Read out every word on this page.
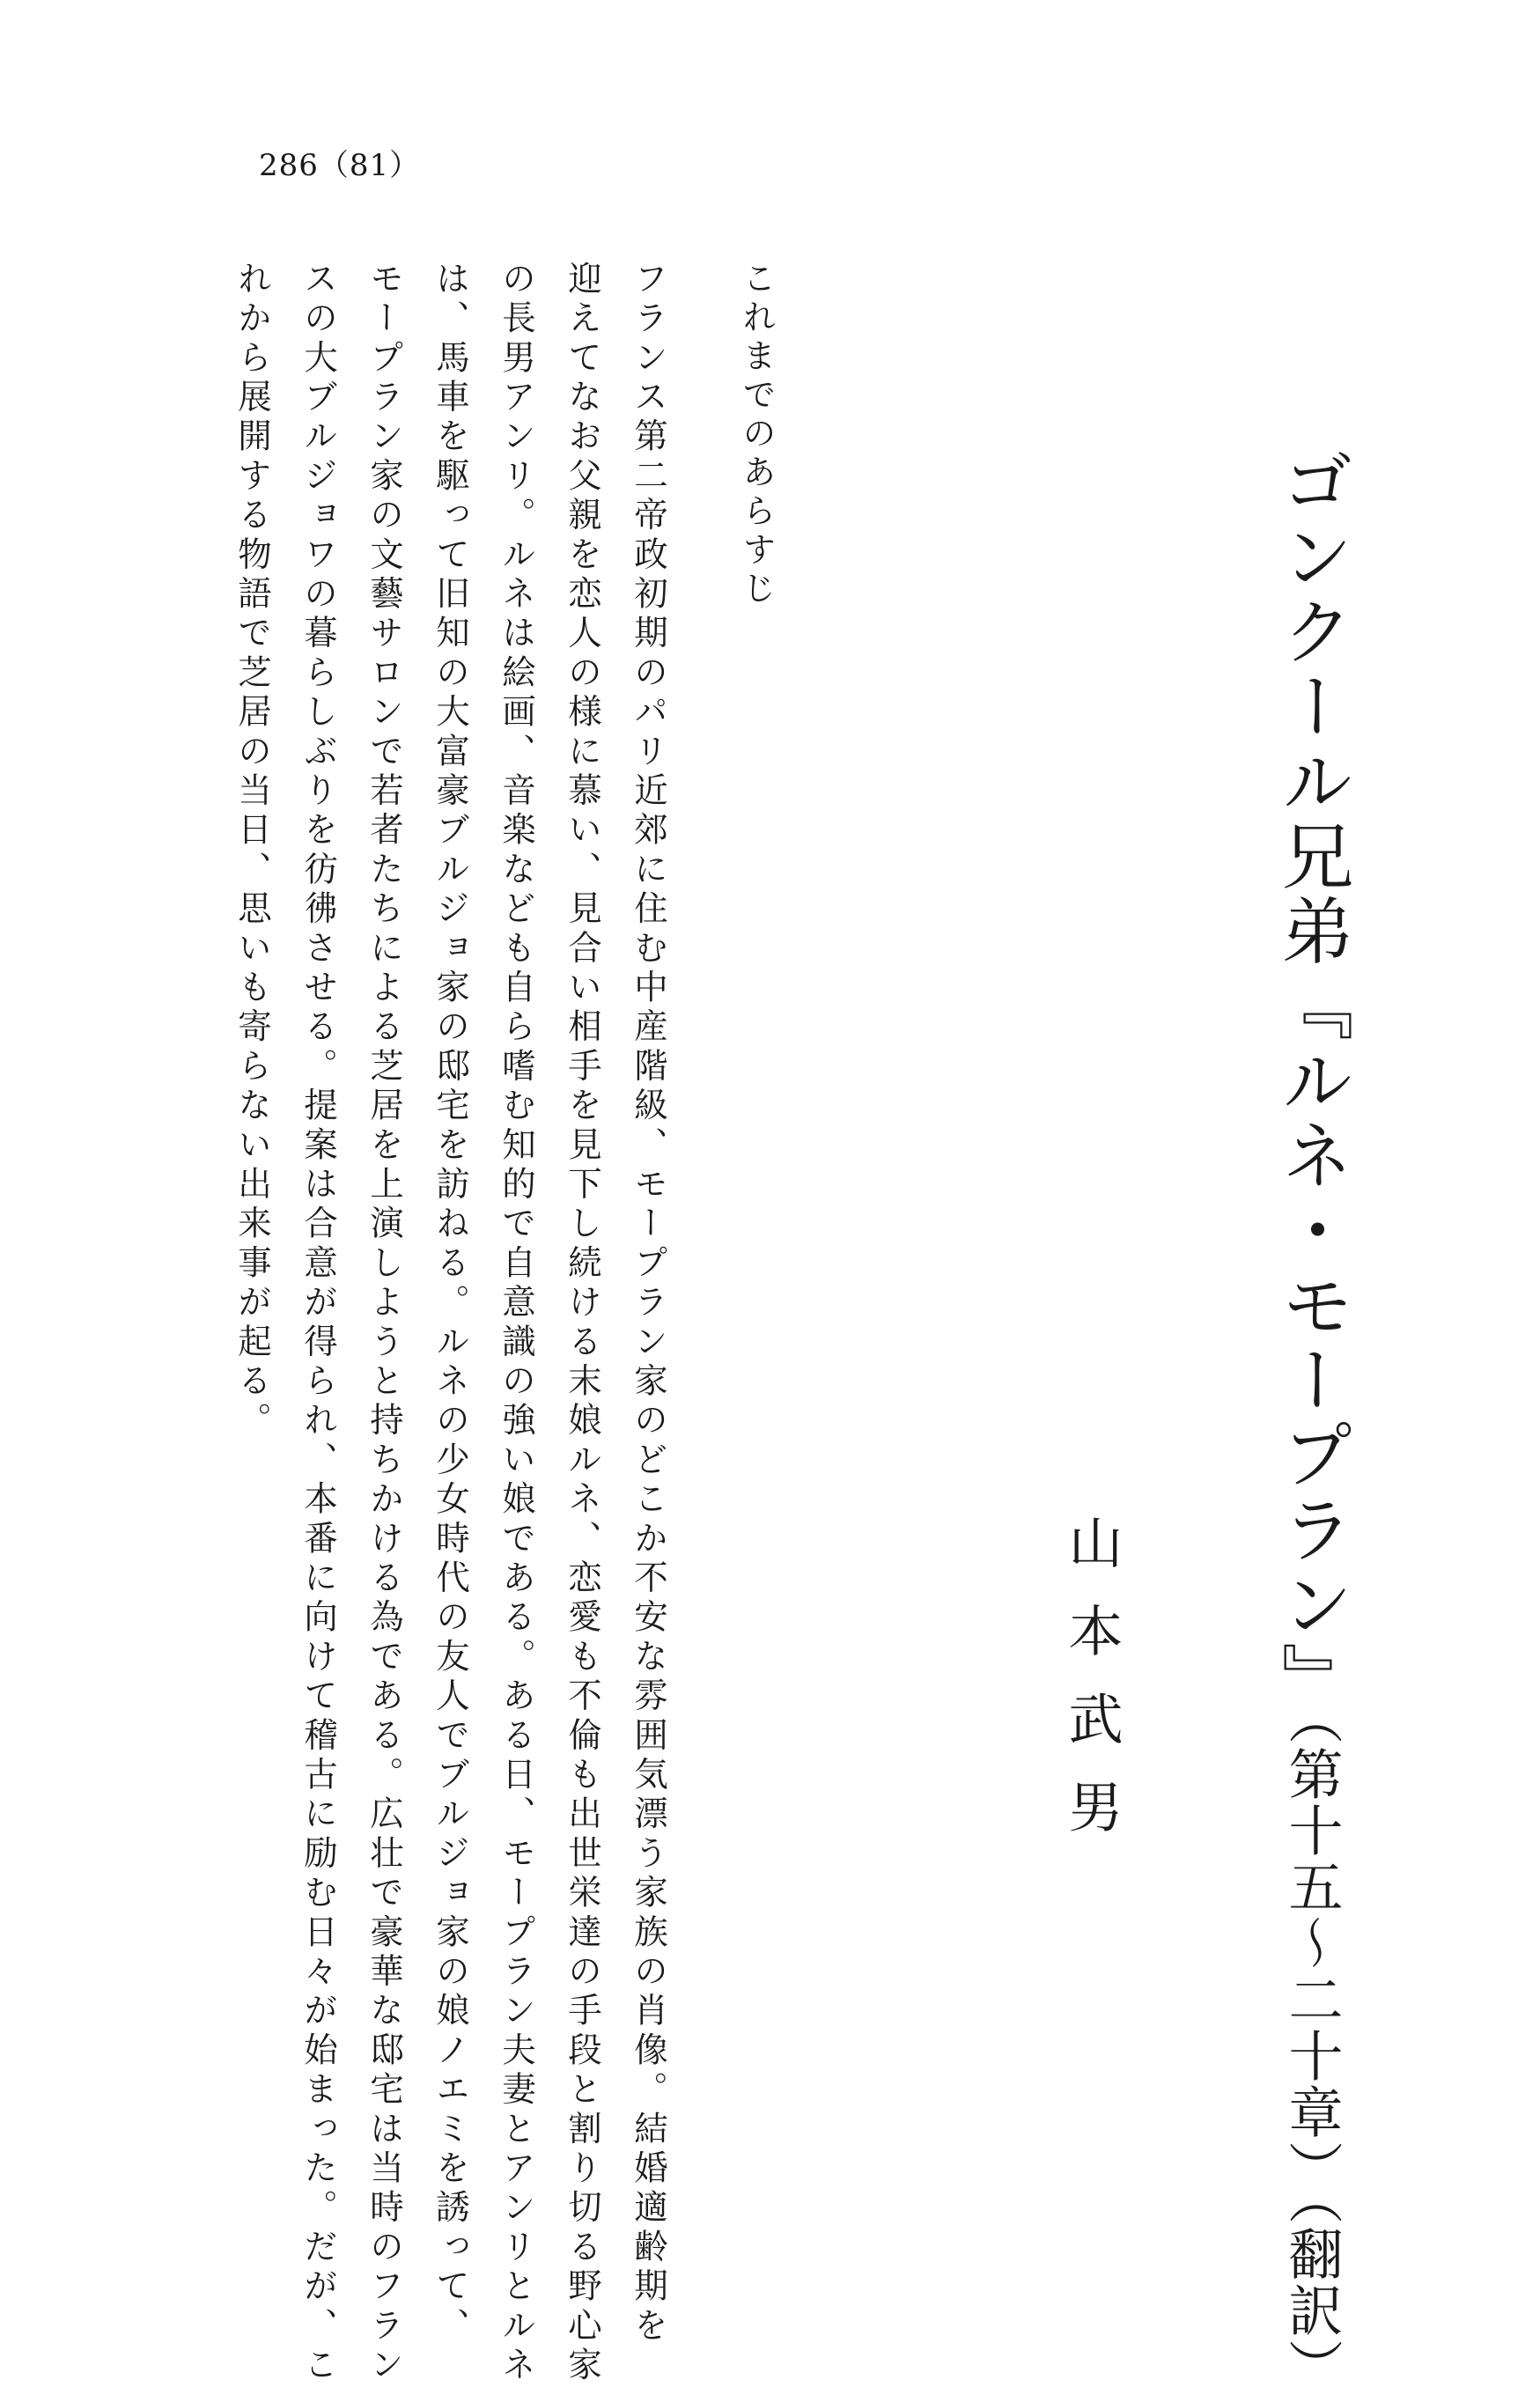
286（81）
ゴンクール兄弟『ルネ・モープラン』（第十五～二十章）（翻訳）
山本武男
これまでのあらすじ
フランス第二帝政初期のパリ近郊に住む中産階級、モープラン家のどこか不安な雰囲気漂う家族の肖像。結婚適齢期を
迎えてなお父親を恋人の様に慕い、見合い相手を見下し続ける末娘ルネ、恋愛も不倫も出世栄達の手段と割り切る野心家
の長男アンリ。ルネは絵画、音楽なども自ら嗜む知的で自意識の強い娘である。ある日、モープラン夫妻とアンリとルネ
は、馬車を駆って旧知の大富豪ブルジョ家の邸宅を訪ねる。ルネの少女時代の友人でブルジョ家の娘ノエミを誘って、
モープラン家の文藝サロンで若者たちによる芝居を上演しようと持ちかける為である。広壮で豪華な邸宅は当時のフラン
スの大ブルジョワの暮らしぶりを彷彿させる。提案は合意が得られ、本番に向けて稽古に励む日々が始まった。だが、こ
れから展開する物語で芝居の当日、思いも寄らない出来事が起る。
